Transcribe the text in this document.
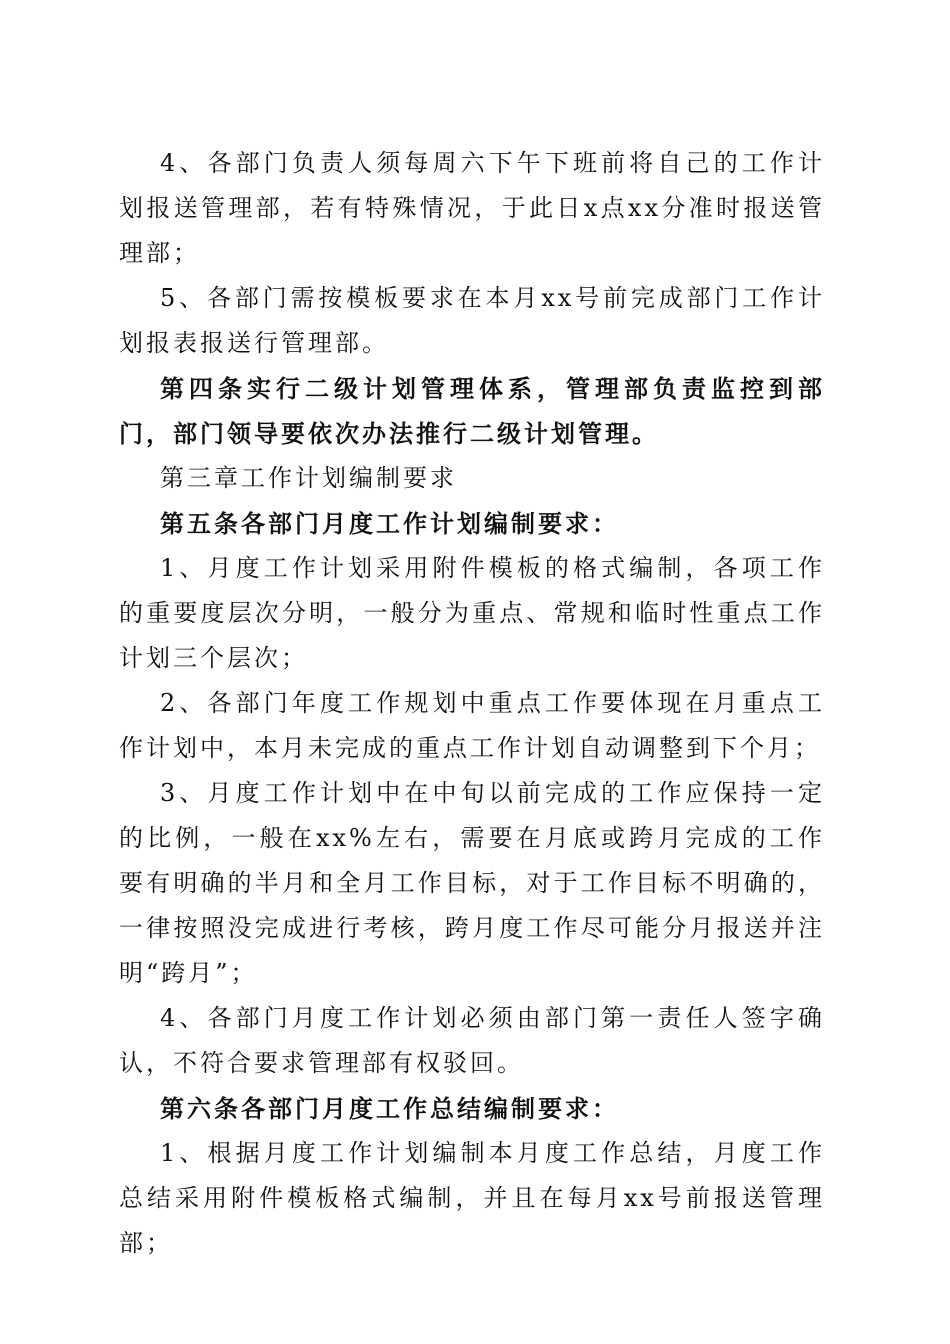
4、各部门负责人须每周六下午下班前将自己的工作计划报送管理部，若有特殊情况，于此日x点xx分准时报送管理部；

5、各部门需按模板要求在本月xx号前完成部门工作计划报表报送行管理部。

第四条实行二级计划管理体系，管理部负责监控到部门，部门领导要依次办法推行二级计划管理。

第三章工作计划编制要求

第五条各部门月度工作计划编制要求：

1、月度工作计划采用附件模板的格式编制，各项工作的重要度层次分明，一般分为重点、常规和临时性重点工作计划三个层次；

2、各部门年度工作规划中重点工作要体现在月重点工作计划中，本月未完成的重点工作计划自动调整到下个月；

3、月度工作计划中在中旬以前完成的工作应保持一定的比例，一般在xx%左右，需要在月底或跨月完成的工作要有明确的半月和全月工作目标，对于工作目标不明确的，一律按照没完成进行考核，跨月度工作尽可能分月报送并注明“跨月”；

4、各部门月度工作计划必须由部门第一责任人签字确认，不符合要求管理部有权驳回。

第六条各部门月度工作总结编制要求：

1、根据月度工作计划编制本月度工作总结，月度工作总结采用附件模板格式编制，并且在每月xx号前报送管理部；
